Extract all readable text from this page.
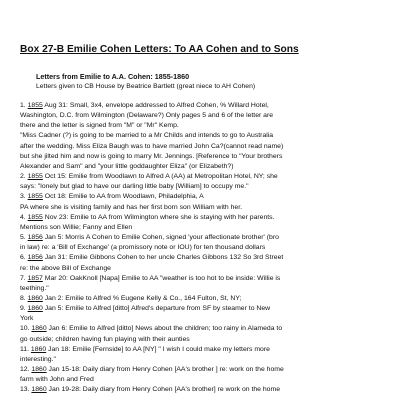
Box 27-B Emilie Cohen Letters: To AA Cohen and to Sons

Letters from Emilie to A.A. Cohen: 1855-1860

Letters given to CB House by Beatrice Bartlett (great niece to AH Cohen)

1. 1855 Aug 31: Small, 3x4, envelope addressed to Alfred Cohen, % Willard Hotel,

Washington, D.C. from Wilmington (Delaware?) Only pages 5 and 6 of the letter are

there and the letter is signed from "M" or "Mr" Kemp.

"Miss Cadner (?) is going to be married to a Mr Childs and intends to go to Australia

after the wedding. Miss Eliza Baugh was to have married John Ca?(cannot read name)

but she jilted him and now is going to marry Mr. Jennings. [Reference to "Your brothers

Alexander and Sam" and "your little goddaughter Eliza" (or Elizabeth?)

2. 1855 Oct 15: Emilie from Woodlawn to Alfred A (AA) at Metropolitan Hotel, NY; she

says: "lonely but glad to have our darling little baby [William] to occupy me."

3. 1855 Oct 18: Emilie to AA from Woodlawn, Philadelphia, A

PA where she is visiting family and has her first born son William with her.

4. 1855 Nov 23: Emilie to AA from Wilmington where she is staying with her parents.

Mentions son Willie; Fanny and Ellen

5. 1856 Jan 5: Morris A Cohen to Emilie Cohen, signed 'your affectionate brother' (bro

in law) re: a 'Bill of Exchange' (a promissory note or IOU) for ten thousand dollars

6. 1856 Jan 31: Emilie Gibbons Cohen to her uncle Charles Gibbons 132 So 3rd Street

re: the above Bill of Exchange

7. 1857 Mar 20: OakKnoll [Napa] Emilie to AA "weather is too hot to be inside: Willie is

teething."

8. 1860 Jan 2: Emilie to Alfred % Eugene Kelly & Co., 164 Fulton, St, NY;

9. 1860 Jan 5: Emilie to Alfred [ditto] Alfred's departure from SF by steamer to New

York

10. 1860 Jan 6: Emilie to Alfred [ditto] News about the children; too rainy in Alameda to

go outside; children having fun playing with their aunties

11. 1860 Jan 18: Emilie [Fernside] to AA [NY] " I wish I could make my letters more

interesting."

12. 1860 Jan 15-18: Daily diary from Henry Cohen [AA's brother ] re: work on the home

farm with John and Fred

13. 1860 Jan 19-28: Daily diary from Henry Cohen [AA's brother] re work on the home
